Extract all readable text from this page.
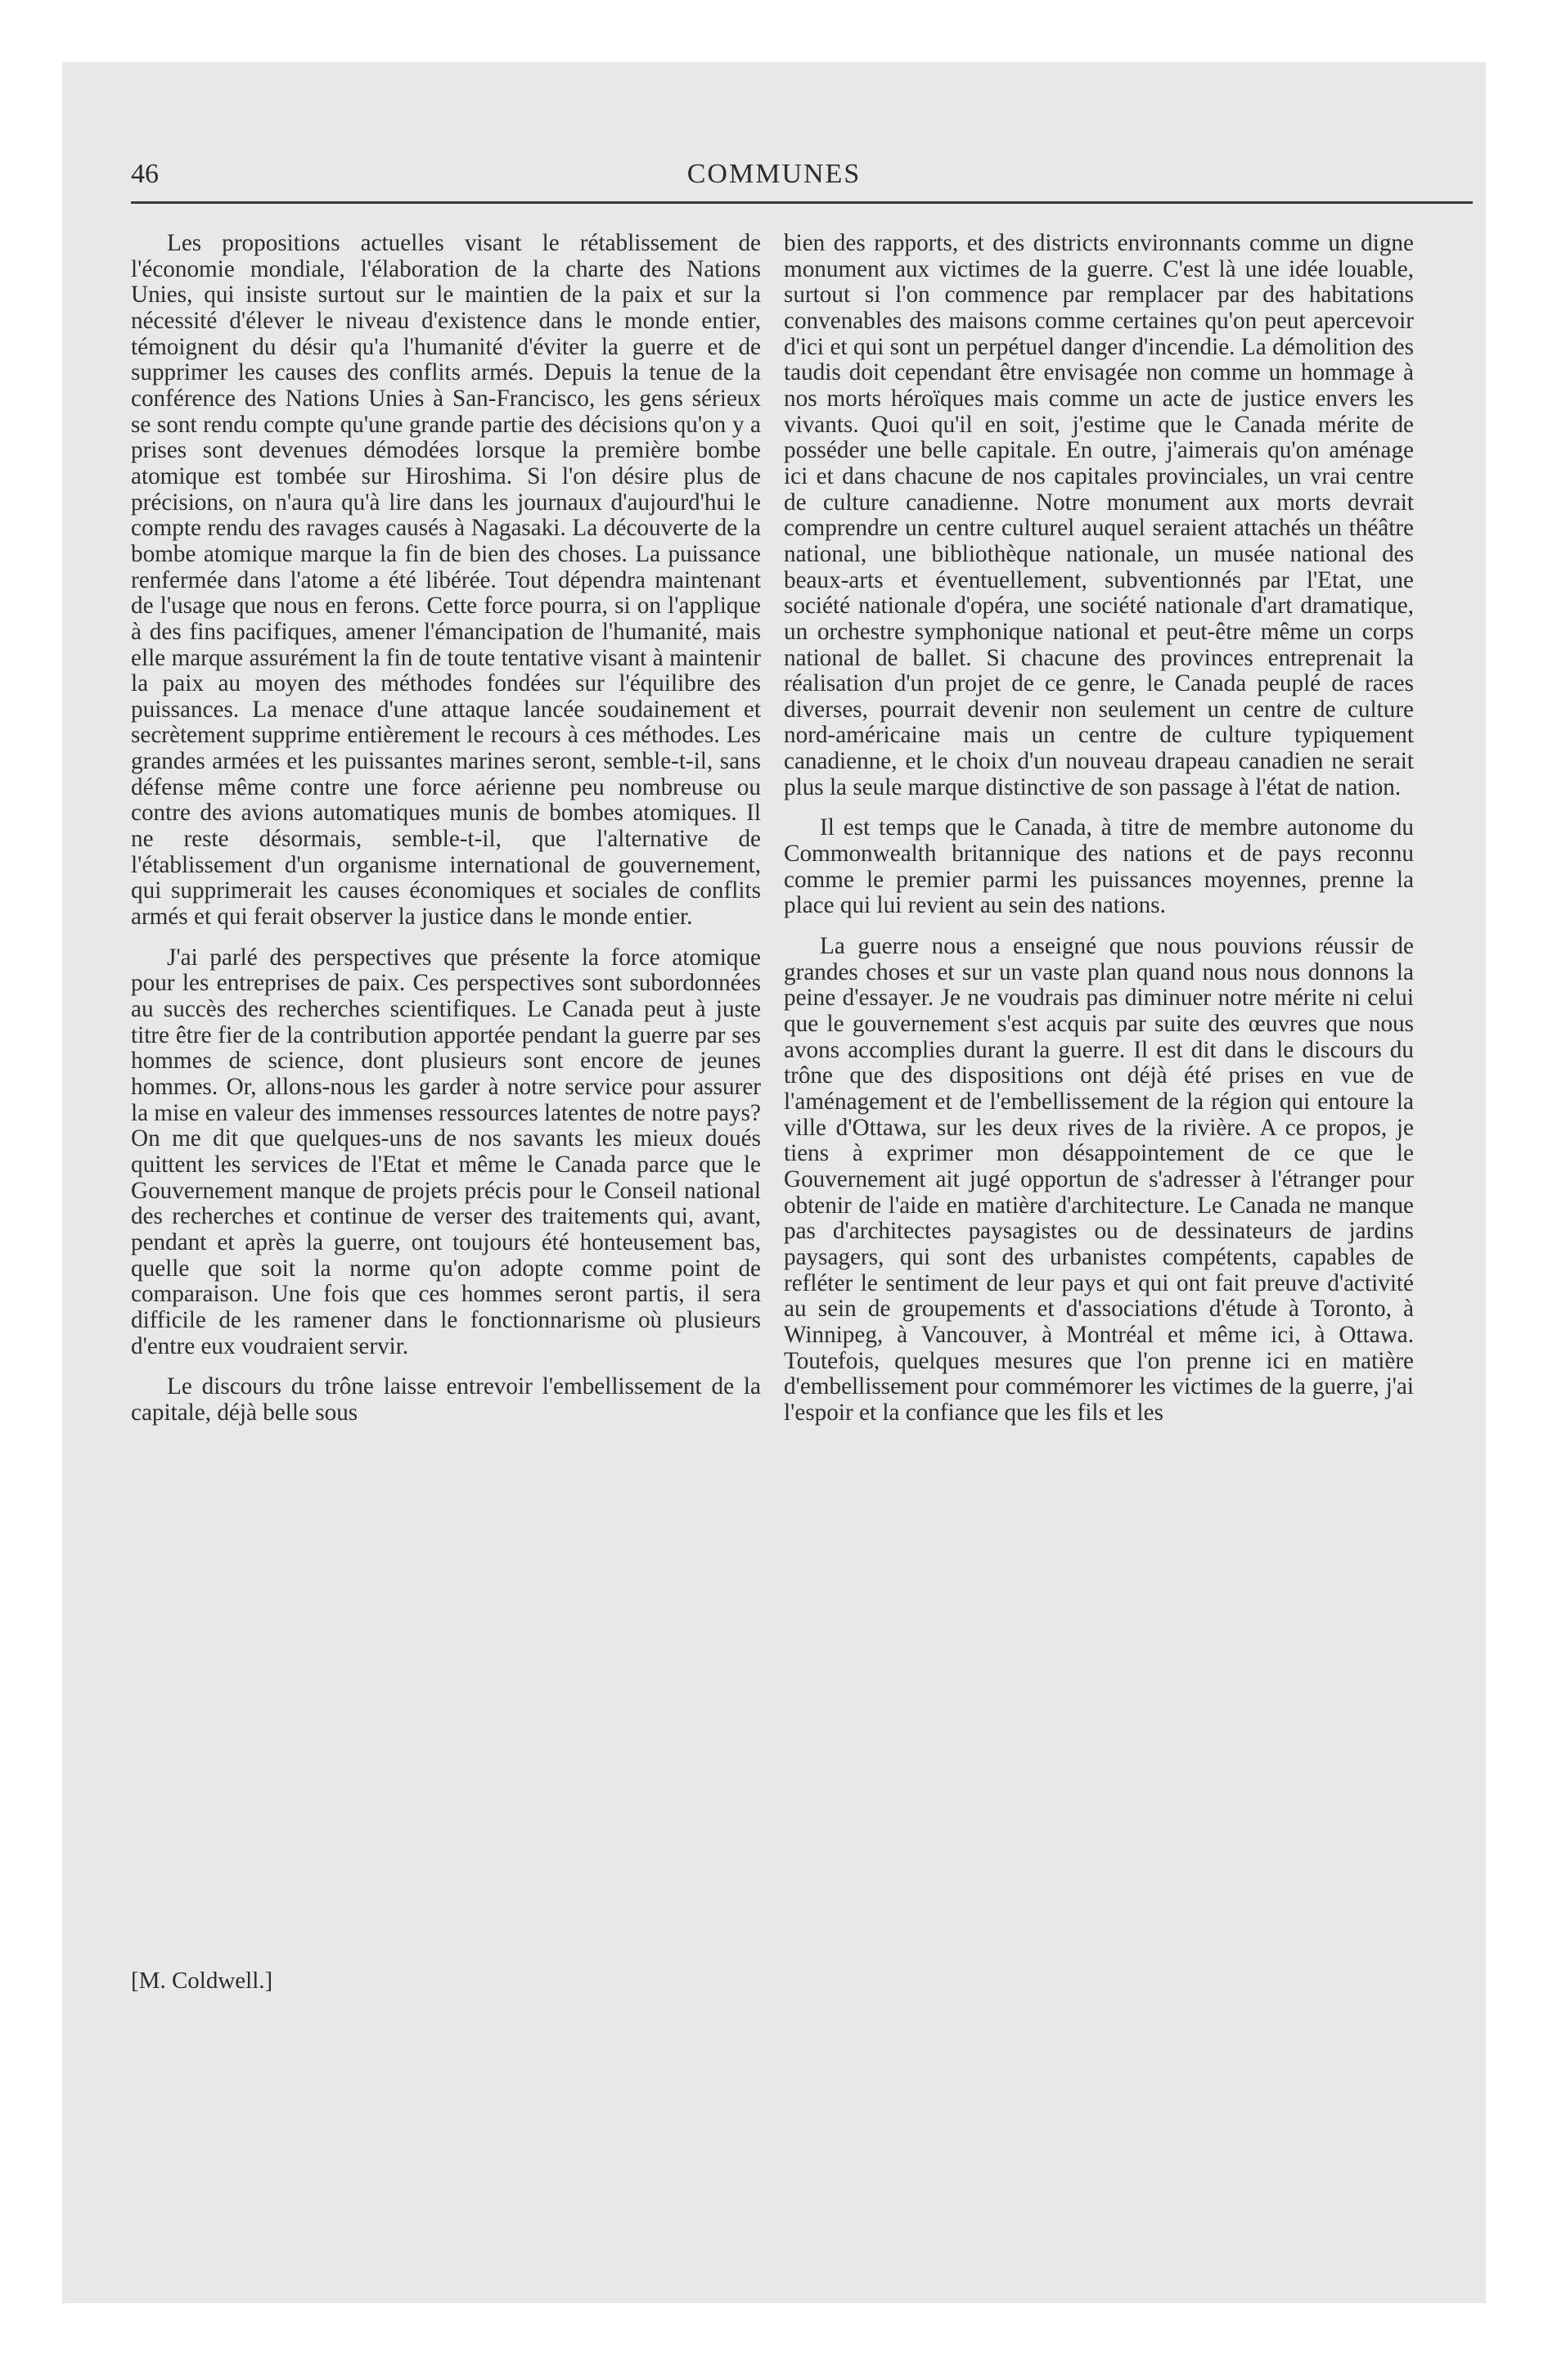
46	COMMUNES

Les propositions actuelles visant le rétablissement de l'économie mondiale, l'élaboration de la charte des Nations Unies, qui insiste surtout sur le maintien de la paix et sur la nécessité d'élever le niveau d'existence dans le monde entier, témoignent du désir qu'a l'humanité d'éviter la guerre et de supprimer les causes des conflits armés. Depuis la tenue de la conférence des Nations Unies à San-Francisco, les gens sérieux se sont rendu compte qu'une grande partie des décisions qu'on y a prises sont devenues démodées lorsque la première bombe atomique est tombée sur Hiroshima. Si l'on désire plus de précisions, on n'aura qu'à lire dans les journaux d'aujourd'hui le compte rendu des ravages causés à Nagasaki. La découverte de la bombe atomique marque la fin de bien des choses. La puissance renfermée dans l'atome a été libérée. Tout dépendra maintenant de l'usage que nous en ferons. Cette force pourra, si on l'applique à des fins pacifiques, amener l'émancipation de l'humanité, mais elle marque assurément la fin de toute tentative visant à maintenir la paix au moyen des méthodes fondées sur l'équilibre des puissances. La menace d'une attaque lancée soudainement et secrètement supprime entièrement le recours à ces méthodes. Les grandes armées et les puissantes marines seront, semble-t-il, sans défense même contre une force aérienne peu nombreuse ou contre des avions automatiques munis de bombes atomiques. Il ne reste désormais, semble-t-il, que l'alternative de l'établissement d'un organisme international de gouvernement, qui supprimerait les causes économiques et sociales de conflits armés et qui ferait observer la justice dans le monde entier.

J'ai parlé des perspectives que présente la force atomique pour les entreprises de paix. Ces perspectives sont subordonnées au succès des recherches scientifiques. Le Canada peut à juste titre être fier de la contribution apportée pendant la guerre par ses hommes de science, dont plusieurs sont encore de jeunes hommes. Or, allons-nous les garder à notre service pour assurer la mise en valeur des immenses ressources latentes de notre pays? On me dit que quelques-uns de nos savants les mieux doués quittent les services de l'Etat et même le Canada parce que le Gouvernement manque de projets précis pour le Conseil national des recherches et continue de verser des traitements qui, avant, pendant et après la guerre, ont toujours été honteusement bas, quelle que soit la norme qu'on adopte comme point de comparaison. Une fois que ces hommes seront partis, il sera difficile de les ramener dans le fonctionnarisme où plusieurs d'entre eux voudraient servir.

Le discours du trône laisse entrevoir l'embellissement de la capitale, déjà belle sous

[M. Coldwell.]

bien des rapports, et des districts environnants comme un digne monument aux victimes de la guerre. C'est là une idée louable, surtout si l'on commence par remplacer par des habitations convenables des maisons comme certaines qu'on peut apercevoir d'ici et qui sont un perpétuel danger d'incendie. La démolition des taudis doit cependant être envisagée non comme un hommage à nos morts héroïques mais comme un acte de justice envers les vivants. Quoi qu'il en soit, j'estime que le Canada mérite de posséder une belle capitale. En outre, j'aimerais qu'on aménage ici et dans chacune de nos capitales provinciales, un vrai centre de culture canadienne. Notre monument aux morts devrait comprendre un centre culturel auquel seraient attachés un théâtre national, une bibliothèque nationale, un musée national des beaux-arts et éventuellement, subventionnés par l'Etat, une société nationale d'opéra, une société nationale d'art dramatique, un orchestre symphonique national et peut-être même un corps national de ballet. Si chacune des provinces entreprenait la réalisation d'un projet de ce genre, le Canada peuplé de races diverses, pourrait devenir non seulement un centre de culture nord-américaine mais un centre de culture typiquement canadienne, et le choix d'un nouveau drapeau canadien ne serait plus la seule marque distinctive de son passage à l'état de nation.

Il est temps que le Canada, à titre de membre autonome du Commonwealth britannique des nations et de pays reconnu comme le premier parmi les puissances moyennes, prenne la place qui lui revient au sein des nations.

La guerre nous a enseigné que nous pouvions réussir de grandes choses et sur un vaste plan quand nous nous donnons la peine d'essayer. Je ne voudrais pas diminuer notre mérite ni celui que le gouvernement s'est acquis par suite des œuvres que nous avons accomplies durant la guerre. Il est dit dans le discours du trône que des dispositions ont déjà été prises en vue de l'aménagement et de l'embellissement de la région qui entoure la ville d'Ottawa, sur les deux rives de la rivière. A ce propos, je tiens à exprimer mon désappointement de ce que le Gouvernement ait jugé opportun de s'adresser à l'étranger pour obtenir de l'aide en matière d'architecture. Le Canada ne manque pas d'architectes paysagistes ou de dessinateurs de jardins paysagers, qui sont des urbanistes compétents, capables de refléter le sentiment de leur pays et qui ont fait preuve d'activité au sein de groupements et d'associations d'étude à Toronto, à Winnipeg, à Vancouver, à Montréal et même ici, à Ottawa. Toutefois, quelques mesures que l'on prenne ici en matière d'embellissement pour commémorer les victimes de la guerre, j'ai l'espoir et la confiance que les fils et les
